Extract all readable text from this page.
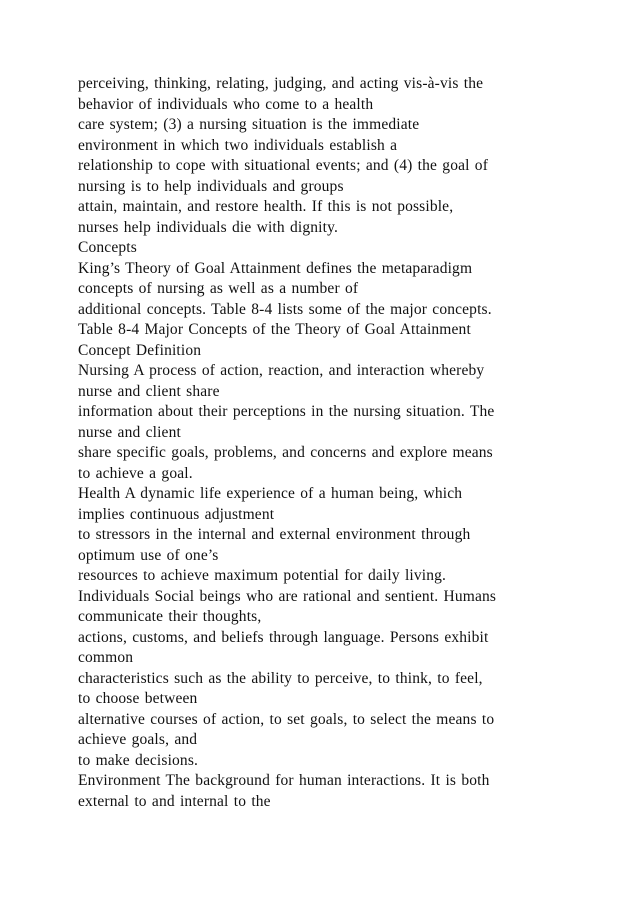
perceiving, thinking, relating, judging, and acting vis-à-vis the
behavior of individuals who come to a health
care system; (3) a nursing situation is the immediate
environment in which two individuals establish a
relationship to cope with situational events; and (4) the goal of
nursing is to help individuals and groups
attain, maintain, and restore health. If this is not possible,
nurses help individuals die with dignity.
Concepts
King’s Theory of Goal Attainment defines the metaparadigm
concepts of nursing as well as a number of
additional concepts. Table 8-4 lists some of the major concepts.
Table 8-4 Major Concepts of the Theory of Goal Attainment
Concept Definition
Nursing A process of action, reaction, and interaction whereby
nurse and client share
information about their perceptions in the nursing situation. The
nurse and client
share specific goals, problems, and concerns and explore means
to achieve a goal.
Health A dynamic life experience of a human being, which
implies continuous adjustment
to stressors in the internal and external environment through
optimum use of one’s
resources to achieve maximum potential for daily living.
Individuals Social beings who are rational and sentient. Humans
communicate their thoughts,
actions, customs, and beliefs through language. Persons exhibit
common
characteristics such as the ability to perceive, to think, to feel,
to choose between
alternative courses of action, to set goals, to select the means to
achieve goals, and
to make decisions.
Environment The background for human interactions. It is both
external to and internal to the
